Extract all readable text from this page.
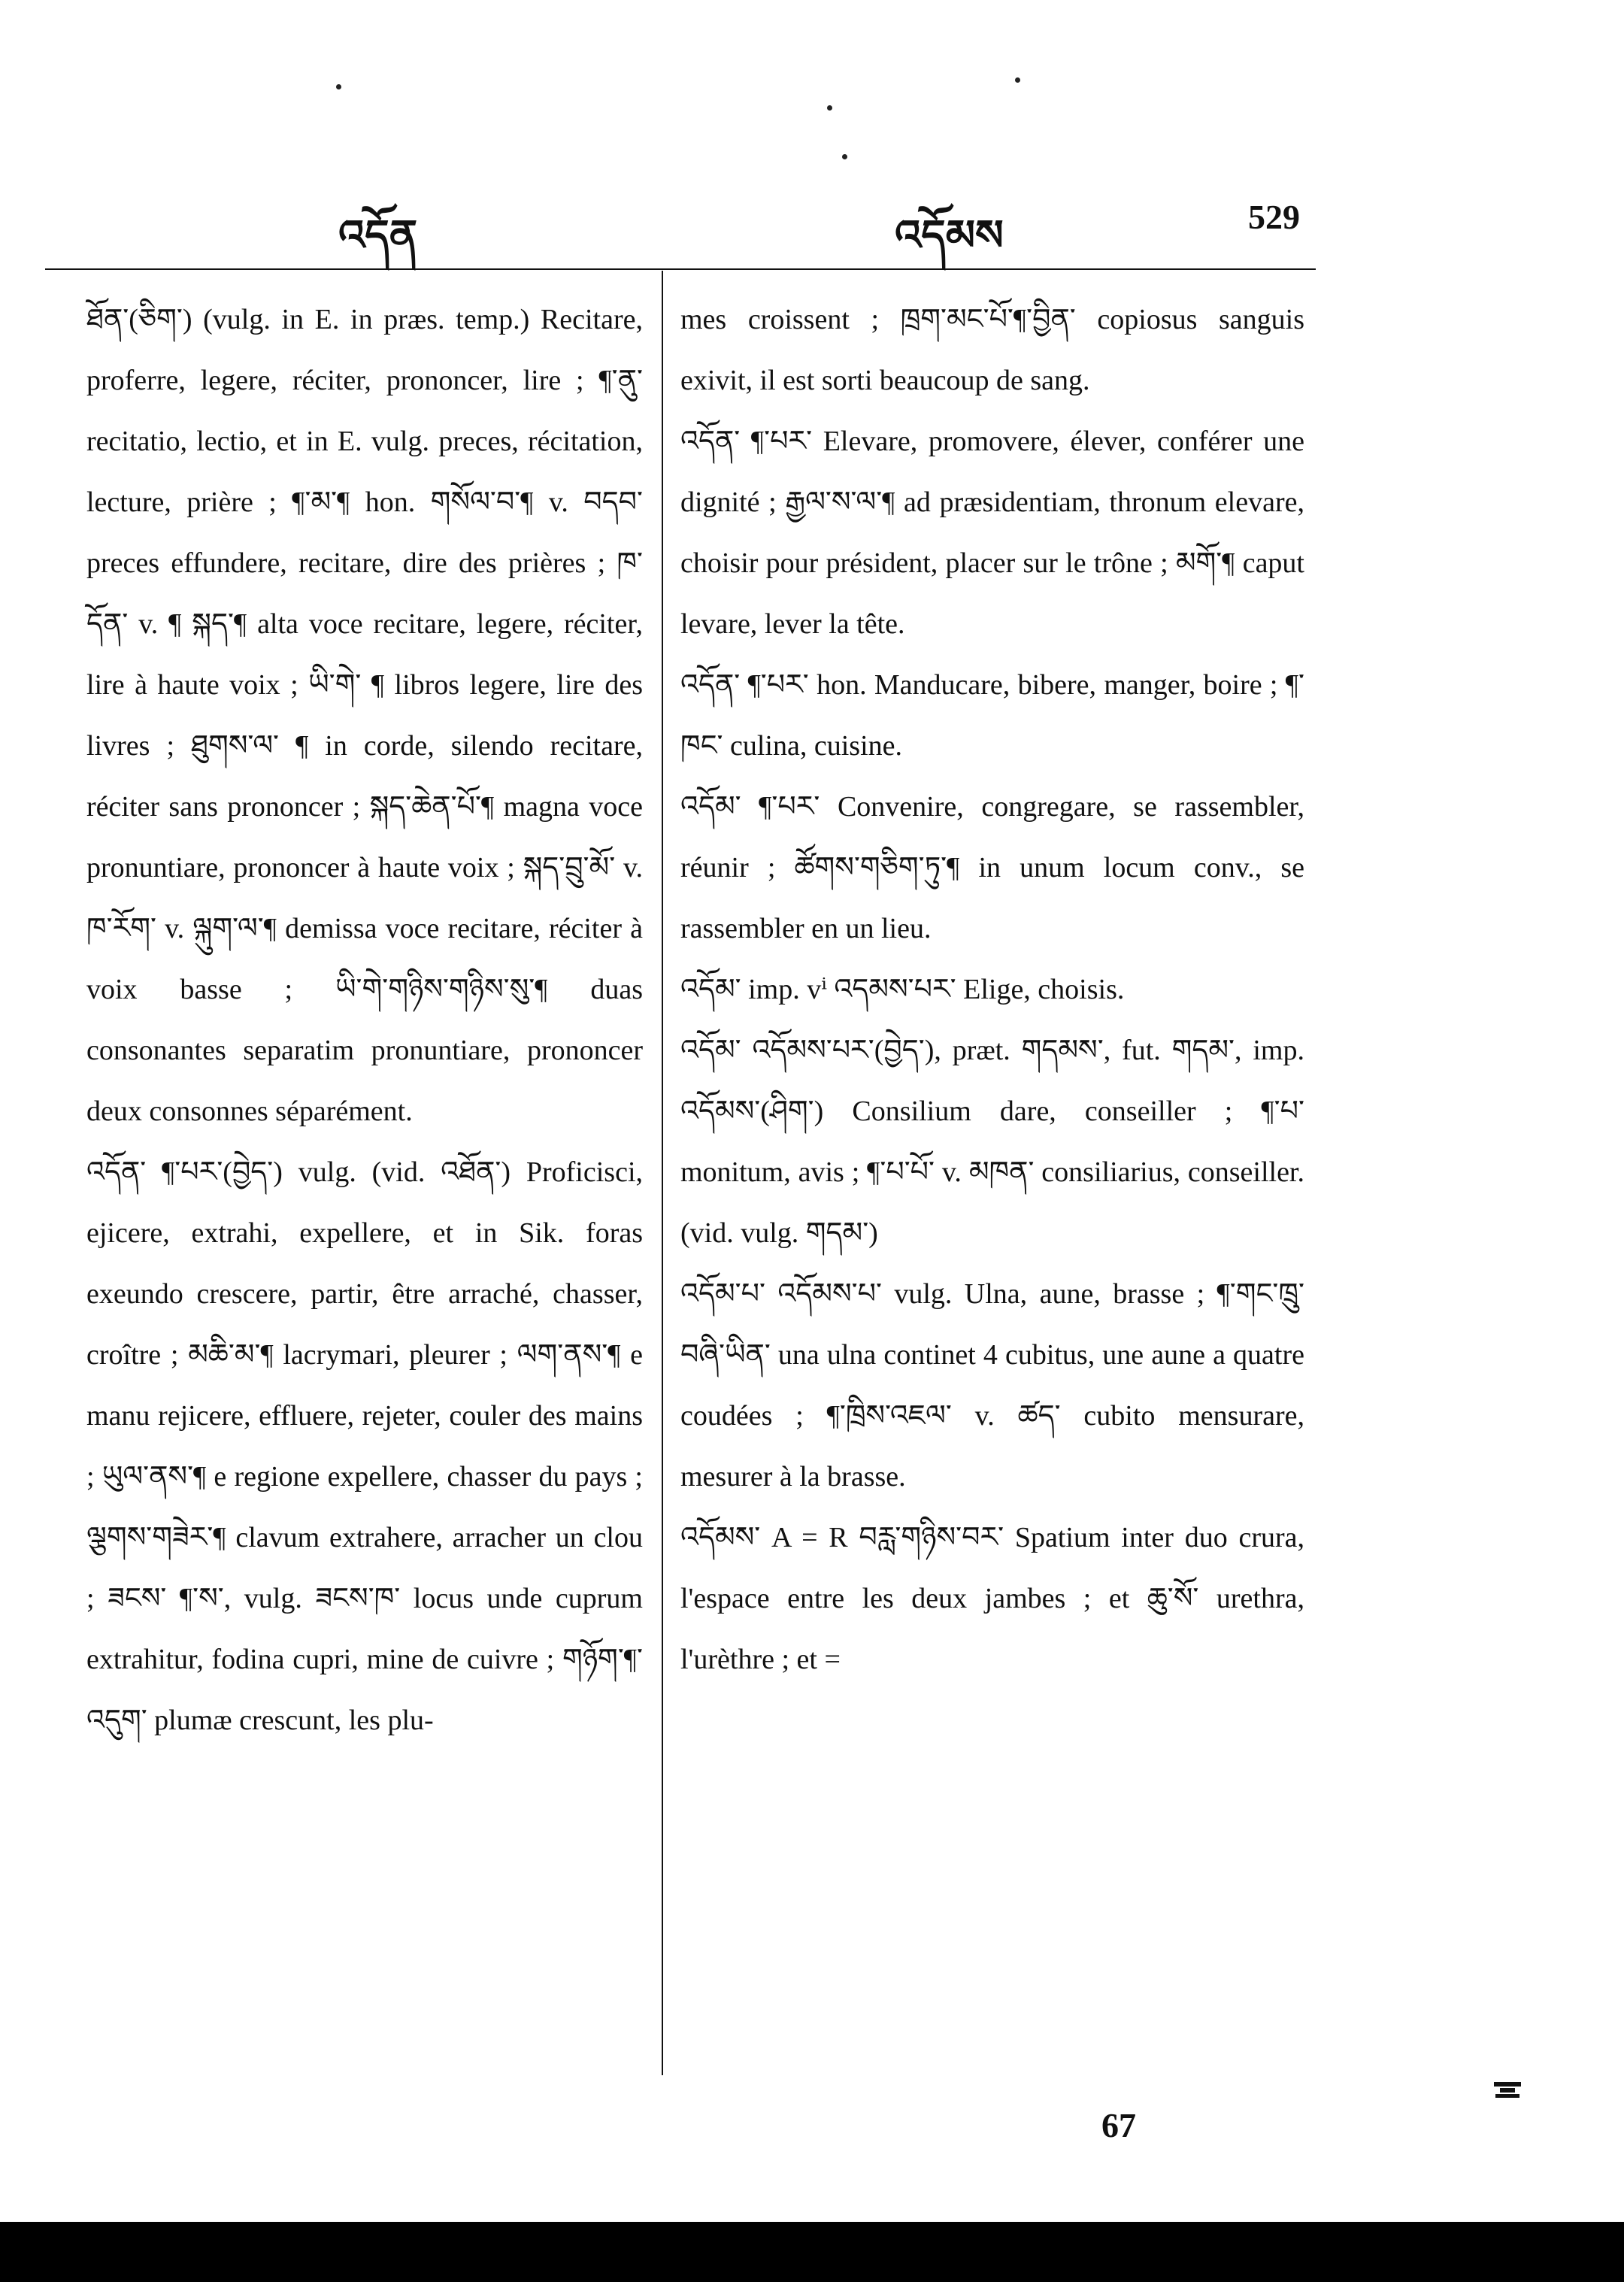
འདོན	འདོམས	529

ཐོན་(ཅིག་) (vulg. in E. in præs. temp.) Recitare, proferre, legere, réciter, prononcer, lire ; ¶་ནུ་ recitatio, lectio, et in E. vulg. preces, récitation, lecture, prière ; ¶་མ་¶ hon. གསོལ་བ་¶ v. བདབ་ preces effundere, recitare, dire des prières ; ཁ་དོན་ v. ¶ སྐད་¶ alta voce recitare, legere, réciter, lire à haute voix ; ཡི་གེ་ ¶ libros legere, lire des livres ; ཐུགས་ལ་ ¶ in corde, silendo recitare, réciter sans prononcer ; སྐད་ཆེན་པོ་¶ magna voce pronuntiare, prononcer à haute voix ; སྐད་བྲུ་མོ་ v. ཁ་རོག་ v. ལྐུག་ལ་¶ demissa voce recitare, réciter à voix basse ; ཡི་གེ་གཉིས་གཉིས་སུ་¶ duas consonantes separatim pronuntiare, prononcer deux consonnes séparément.

འདོན་ ¶་པར་(བྱེད་) vulg. (vid. འཐོན་) Proficisci, ejicere, extrahi, expellere, et in Sik. foras exeundo crescere, partir, être arraché, chasser, croître ; མཆི་མ་¶ lacrymari, pleurer ; ལག་ནས་¶ e manu rejicere, effluere, rejeter, couler des mains ; ཡུལ་ནས་¶ e regione expellere, chasser du pays ; ལྕགས་གཟེར་¶ clavum extrahere, arracher un clou ; ཟངས་ ¶་ས་, vulg. ཟངས་ཁ་ locus unde cuprum extrahitur, fodina cupri, mine de cuivre ; གཉོག་¶་འདུག་ plumæ crescunt, les plu-

mes croissent ; ཁྲག་མང་པོ་¶་བྱིན་ copiosus sanguis exivit, il est sorti beaucoup de sang.

འདོན་ ¶་པར་ Elevare, promovere, élever, conférer une dignité ; རྒྱལ་ས་ལ་¶ ad præsidentiam, thronum elevare, choisir pour président, placer sur le trône ; མགོ་¶ caput levare, lever la tête.

འདོན་ ¶་པར་ hon. Manducare, bibere, manger, boire ; ¶་ཁང་ culina, cuisine.

འདོམ་ ¶་པར་ Convenire, congregare, se rassembler, réunir ; ཚོགས་གཅིག་ཏུ་¶ in unum locum conv., se rassembler en un lieu.

འདོམ་ imp. vⁱ འདམས་པར་ Elige, choisis.

འདོམ་ འདོམས་པར་(བྱེད་), præt. གདམས་, fut. གདམ་, imp. འདོམས་(ཤིག་) Consilium dare, conseiller ; ¶་པ་ monitum, avis ; ¶་པ་པོ་ v. མཁན་ consiliarius, conseiller. (vid. vulg. གདམ་)

འདོམ་པ་ འདོམས་པ་ vulg. Ulna, aune, brasse ; ¶་གང་ཁྲུ་བཞི་ཡིན་ una ulna continet 4 cubitus, une aune a quatre coudées ; ¶་ཁྲིས་འཇལ་ v. ཚད་ cubito mensurare, mesurer à la brasse.

འདོམས་ A = R བརླ་གཉིས་བར་ Spatium inter duo crura, l'espace entre les deux jambes ; et ཆུ་སོ་ urethra, l'urèthre ; et =

67
